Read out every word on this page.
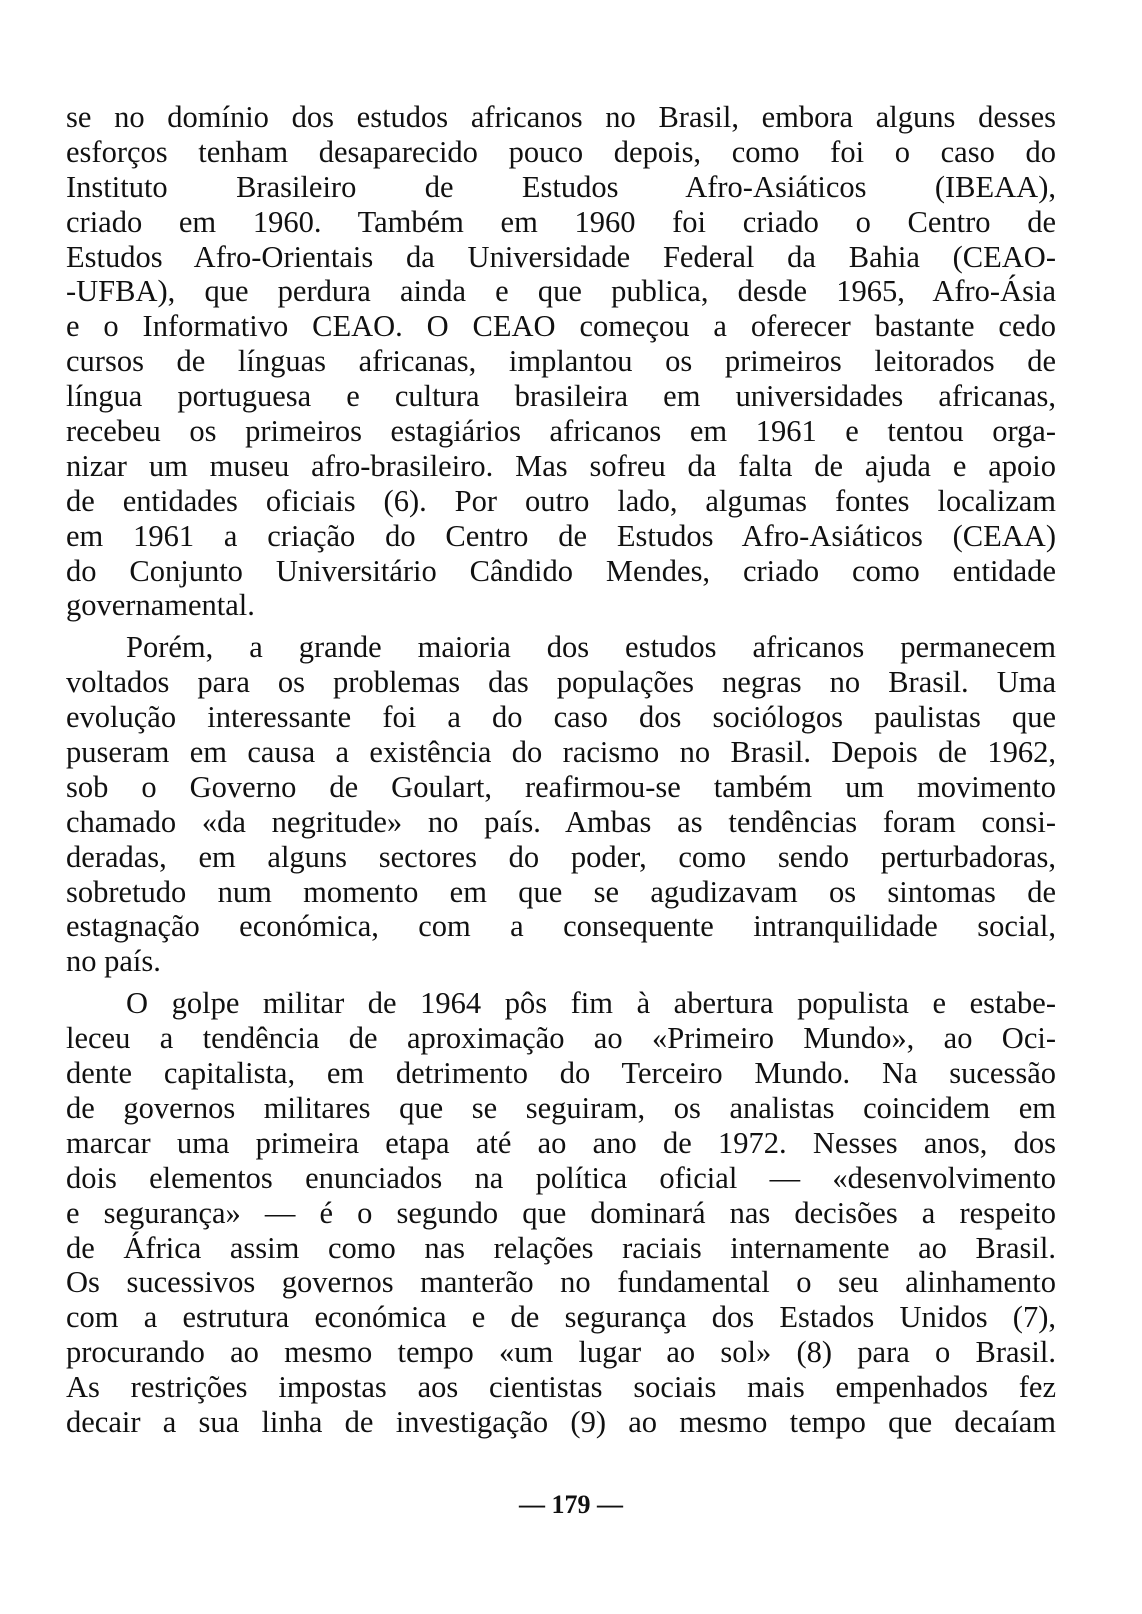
se no domínio dos estudos africanos no Brasil, embora alguns desses
esforços tenham desaparecido pouco depois, como foi o caso do
Instituto Brasileiro de Estudos Afro-Asiáticos (IBEAA),
criado em 1960. Também em 1960 foi criado o Centro de
Estudos Afro-Orientais da Universidade Federal da Bahia (CEAO-
-UFBA), que perdura ainda e que publica, desde 1965, Afro-Ásia
e o Informativo CEAO. O CEAO começou a oferecer bastante cedo
cursos de línguas africanas, implantou os primeiros leitorados de
língua portuguesa e cultura brasileira em universidades africanas,
recebeu os primeiros estagiários africanos em 1961 e tentou orga-
nizar um museu afro-brasileiro. Mas sofreu da falta de ajuda e apoio
de entidades oficiais (6). Por outro lado, algumas fontes localizam
em 1961 a criação do Centro de Estudos Afro-Asiáticos (CEAA)
do Conjunto Universitário Cândido Mendes, criado como entidade
governamental.
Porém, a grande maioria dos estudos africanos permanecem
voltados para os problemas das populações negras no Brasil. Uma
evolução interessante foi a do caso dos sociólogos paulistas que
puseram em causa a existência do racismo no Brasil. Depois de 1962,
sob o Governo de Goulart, reafirmou-se também um movimento
chamado «da negritude» no país. Ambas as tendências foram consi-
deradas, em alguns sectores do poder, como sendo perturbadoras,
sobretudo num momento em que se agudizavam os sintomas de
estagnação económica, com a consequente intranquilidade social,
no país.
O golpe militar de 1964 pôs fim à abertura populista e estabe-
leceu a tendência de aproximação ao «Primeiro Mundo», ao Oci-
dente capitalista, em detrimento do Terceiro Mundo. Na sucessão
de governos militares que se seguiram, os analistas coincidem em
marcar uma primeira etapa até ao ano de 1972. Nesses anos, dos
dois elementos enunciados na política oficial — «desenvolvimento
e segurança» — é o segundo que dominará nas decisões a respeito
de África assim como nas relações raciais internamente ao Brasil.
Os sucessivos governos manterão no fundamental o seu alinhamento
com a estrutura económica e de segurança dos Estados Unidos (7),
procurando ao mesmo tempo «um lugar ao sol» (8) para o Brasil.
As restrições impostas aos cientistas sociais mais empenhados fez
decair a sua linha de investigação (9) ao mesmo tempo que decaíam
— 179 —
